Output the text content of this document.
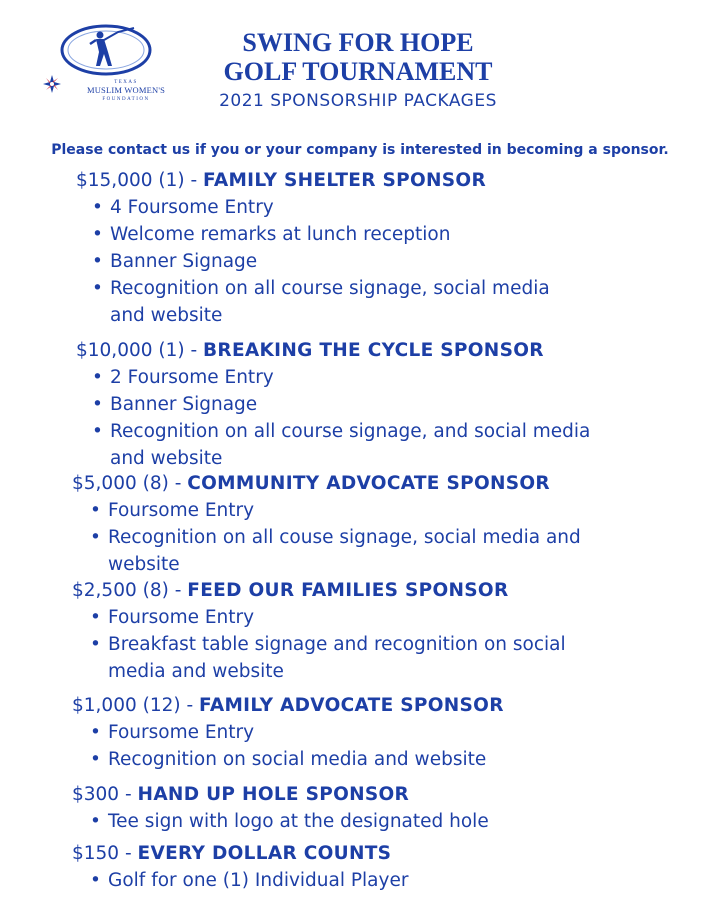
TEXAS
MUSLIM WOMEN'S
FOUNDATION
SWING FOR HOPE
GOLF TOURNAMENT
2021 SPONSORSHIP PACKAGES
Please contact us if you or your company is interested in becoming a sponsor.
$15,000 (1) - FAMILY SHELTER SPONSOR
• 4 Foursome Entry
• Welcome remarks at lunch reception
• Banner Signage
• Recognition on all course signage, social media and website
$10,000 (1) - BREAKING THE CYCLE SPONSOR
• 2 Foursome Entry
• Banner Signage
• Recognition on all course signage, and social media and website
$5,000 (8) - COMMUNITY ADVOCATE SPONSOR
• Foursome Entry
• Recognition on all couse signage, social media and website
$2,500 (8) - FEED OUR FAMILIES SPONSOR
• Foursome Entry
• Breakfast table signage and recognition on social media and website
$1,000 (12) - FAMILY ADVOCATE SPONSOR
• Foursome Entry
• Recognition on social media and website
$300 - HAND UP HOLE SPONSOR
• Tee sign with logo at the designated hole
$150 - EVERY DOLLAR COUNTS
• Golf for one (1) Individual Player
